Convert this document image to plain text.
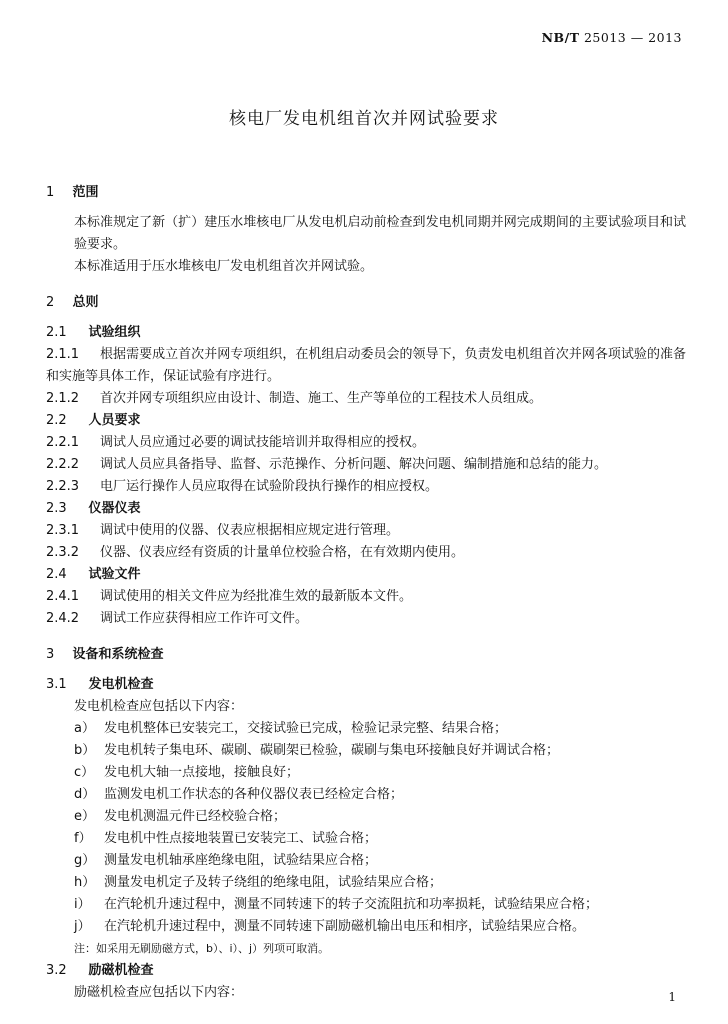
NB/T 25013 — 2013
核电厂发电机组首次并网试验要求
1 范围
本标准规定了新（扩）建压水堆核电厂从发电机启动前检查到发电机同期并网完成期间的主要试验项目和试验要求。
本标准适用于压水堆核电厂发电机组首次并网试验。
2 总则
2.1 试验组织
2.1.1 根据需要成立首次并网专项组织，在机组启动委员会的领导下，负责发电机组首次并网各项试验的准备和实施等具体工作，保证试验有序进行。
2.1.2 首次并网专项组织应由设计、制造、施工、生产等单位的工程技术人员组成。
2.2 人员要求
2.2.1 调试人员应通过必要的调试技能培训并取得相应的授权。
2.2.2 调试人员应具备指导、监督、示范操作、分析问题、解决问题、编制措施和总结的能力。
2.2.3 电厂运行操作人员应取得在试验阶段执行操作的相应授权。
2.3 仪器仪表
2.3.1 调试中使用的仪器、仪表应根据相应规定进行管理。
2.3.2 仪器、仪表应经有资质的计量单位校验合格，在有效期内使用。
2.4 试验文件
2.4.1 调试使用的相关文件应为经批准生效的最新版本文件。
2.4.2 调试工作应获得相应工作许可文件。
3 设备和系统检查
3.1 发电机检查
发电机检查应包括以下内容：
a） 发电机整体已安装完工，交接试验已完成，检验记录完整、结果合格；
b） 发电机转子集电环、碳刷、碳刷架已检验，碳刷与集电环接触良好并调试合格；
c） 发电机大轴一点接地，接触良好；
d） 监测发电机工作状态的各种仪器仪表已经检定合格；
e） 发电机测温元件已经校验合格；
f） 发电机中性点接地装置已安装完工、试验合格；
g） 测量发电机轴承座绝缘电阻，试验结果应合格；
h） 测量发电机定子及转子绕组的绝缘电阻，试验结果应合格；
i） 在汽轮机升速过程中，测量不同转速下的转子交流阻抗和功率损耗，试验结果应合格；
j） 在汽轮机升速过程中，测量不同转速下副励磁机输出电压和相序，试验结果应合格。
注：如采用无刷励磁方式，b）、i）、j）列项可取消。
3.2 励磁机检查
励磁机检查应包括以下内容：	1
